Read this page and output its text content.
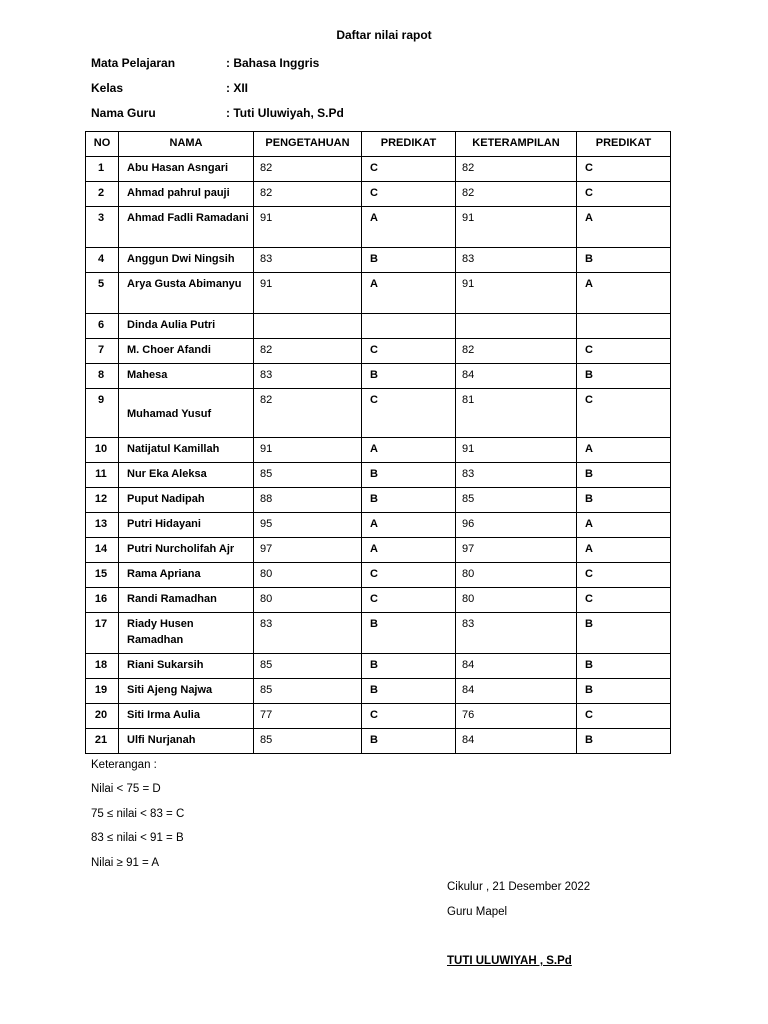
Daftar nilai rapot
Mata Pelajaran	: Bahasa Inggris
Kelas	: XII
Nama Guru	: Tuti Uluwiyah, S.Pd
NO	NAMA	PENGETAHUAN	PREDIKAT	KETERAMPILAN	PREDIKAT
1	Abu Hasan Asngari	82	C	82	C
2	Ahmad pahrul pauji	82	C	82	C
3	Ahmad Fadli Ramadani	91	A	91	A
4	Anggun Dwi Ningsih	83	B	83	B
5	Arya Gusta Abimanyu	91	A	91	A
6	Dinda Aulia Putri				
7	M. Choer Afandi	82	C	82	C
8	Mahesa	83	B	84	B
9	Muhamad Yusuf	82	C	81	C
10	Natijatul Kamillah	91	A	91	A
11	Nur Eka Aleksa	85	B	83	B
12	Puput Nadipah	88	B	85	B
13	Putri Hidayani	95	A	96	A
14	Putri Nurcholifah Ajr	97	A	97	A
15	Rama Apriana	80	C	80	C
16	Randi Ramadhan	80	C	80	C
17	Riady Husen Ramadhan	83	B	83	B
18	Riani Sukarsih	85	B	84	B
19	Siti Ajeng Najwa	85	B	84	B
20	Siti Irma Aulia	77	C	76	C
21	Ulfi Nurjanah	85	B	84	B
Keterangan :
Nilai < 75 = D
75 ≤ nilai < 83 = C
83 ≤ nilai < 91 = B
Nilai ≥ 91 = A
Cikulur , 21 Desember 2022
Guru Mapel
TUTI ULUWIYAH , S.Pd
